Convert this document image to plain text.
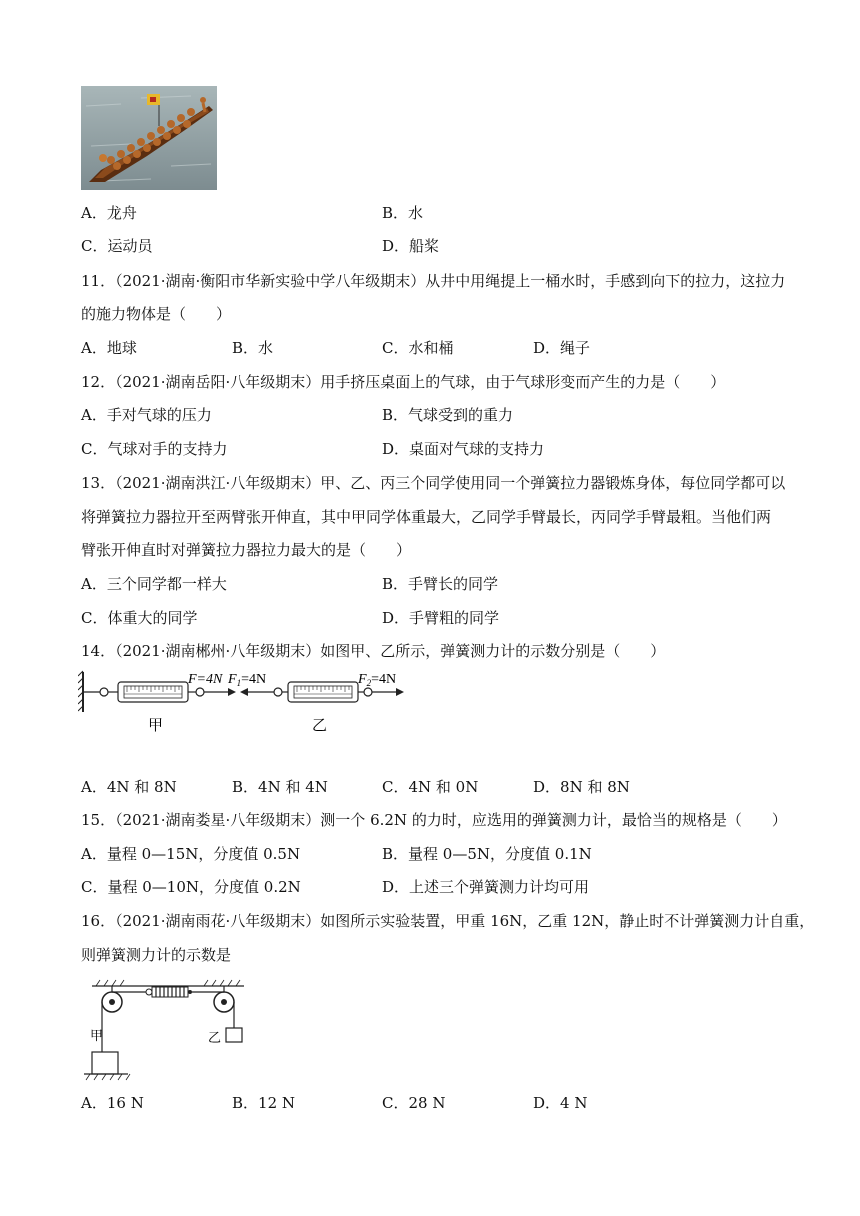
A．龙舟	B．水
C．运动员	D．船桨
11．（2021·湖南·衡阳市华新实验中学八年级期末）从井中用绳提上一桶水时，手感到向下的拉力，这拉力
的施力物体是（　　）
A．地球	B．水	C．水和桶	D．绳子
12．（2021·湖南岳阳·八年级期末）用手挤压桌面上的气球，由于气球形变而产生的力是（　　）
A．手对气球的压力	B．气球受到的重力
C．气球对手的支持力	D．桌面对气球的支持力
13．（2021·湖南洪江·八年级期末）甲、乙、丙三个同学使用同一个弹簧拉力器锻炼身体，每位同学都可以
将弹簧拉力器拉开至两臂张开伸直，其中甲同学体重最大，乙同学手臂最长，丙同学手臂最粗。当他们两
臂张开伸直时对弹簧拉力器拉力最大的是（　　）
A．三个同学都一样大	B．手臂长的同学
C．体重大的同学	D．手臂粗的同学
14．（2021·湖南郴州·八年级期末）如图甲、乙所示，弹簧测力计的示数分别是（　　）
F=4N $F_1=4N$	$F_2=4N$
甲	乙
A．4N 和 8N	B．4N 和 4N	C．4N 和 0N	D．8N 和 8N
15．（2021·湖南娄星·八年级期末）测一个 6.2N 的力时，应选用的弹簧测力计，最恰当的规格是（　　）
A．量程 0—15N，分度值 0.5N	B．量程 0—5N，分度值 0.1N
C．量程 0—10N，分度值 0.2N	D．上述三个弹簧测力计均可用
16．（2021·湖南雨花·八年级期末）如图所示实验装置，甲重 16N，乙重 12N，静止时不计弹簧测力计自重，
则弹簧测力计的示数是
甲	乙
A．16 N	B．12 N	C．28 N	D．4 N
